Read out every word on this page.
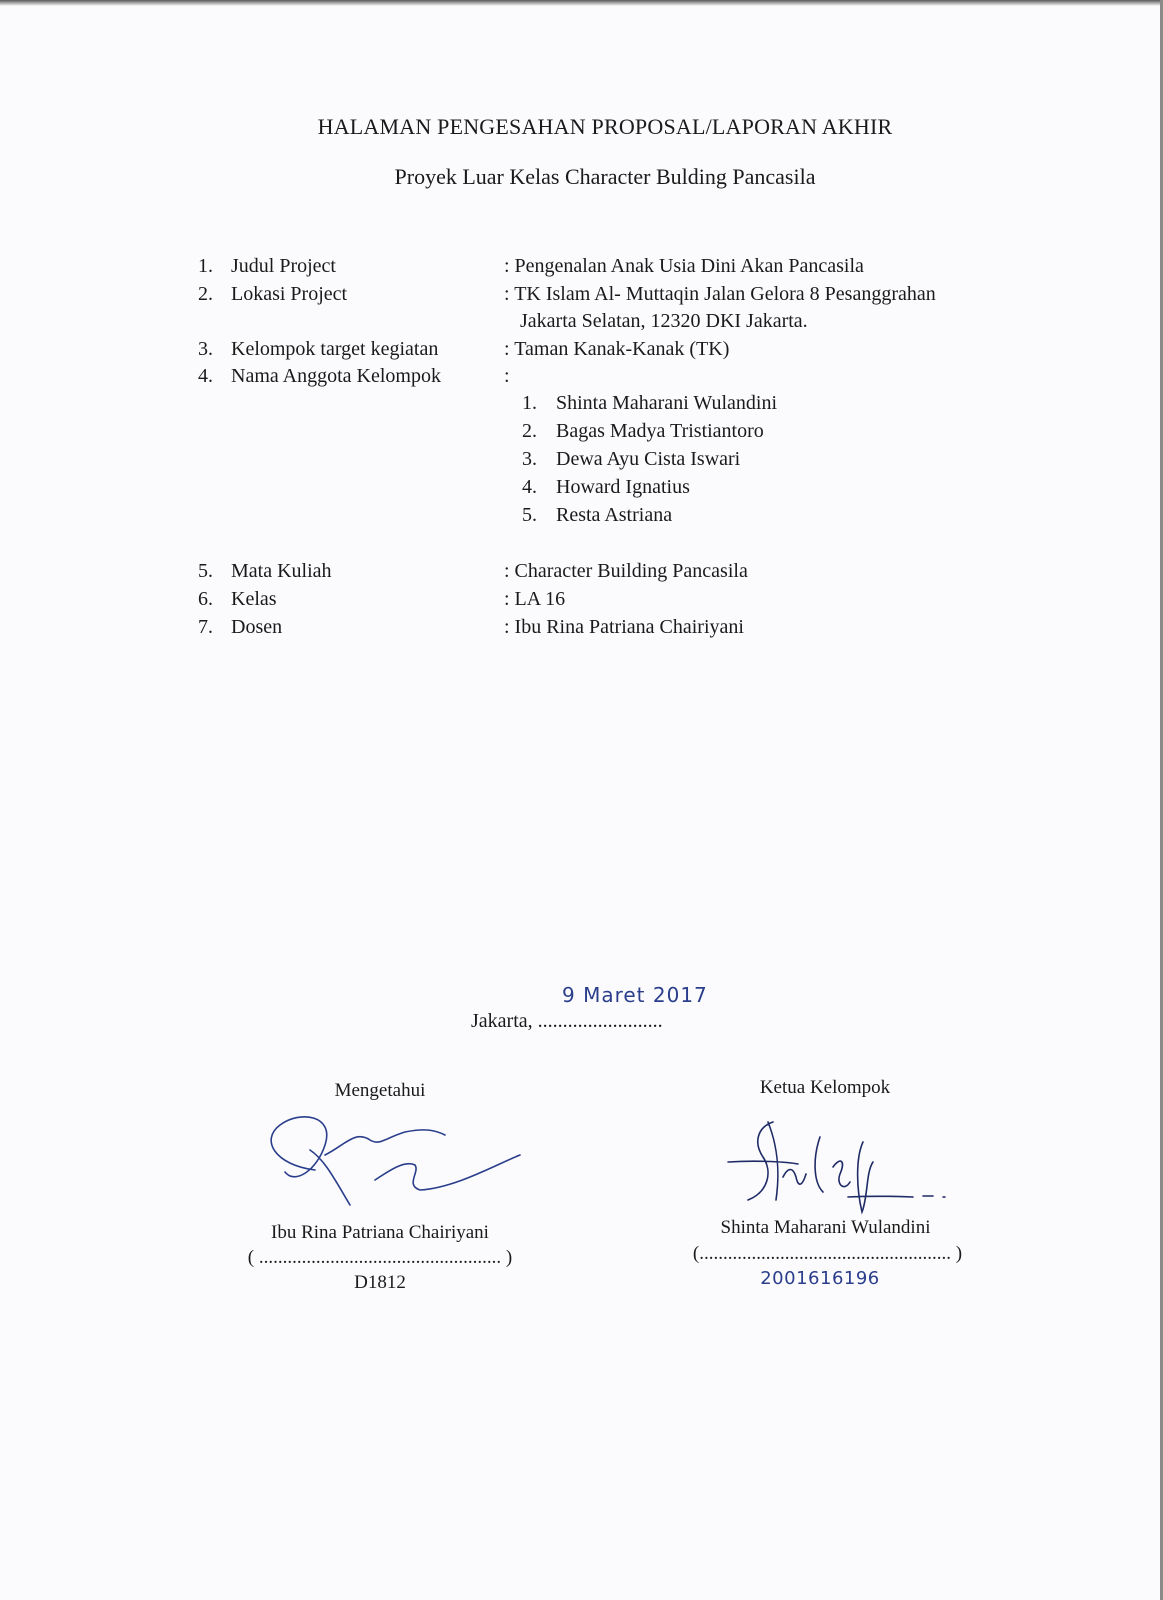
HALAMAN PENGESAHAN PROPOSAL/LAPORAN AKHIR
Proyek Luar Kelas Character Bulding Pancasila
1. Judul Project	: Pengenalan Anak Usia Dini Akan Pancasila
2. Lokasi Project	: TK Islam Al- Muttaqin Jalan Gelora 8 Pesanggrahan
Jakarta Selatan, 12320 DKI Jakarta.
3. Kelompok target kegiatan	: Taman Kanak-Kanak (TK)
4. Nama Anggota Kelompok	:
1. Shinta Maharani Wulandini
2. Bagas Madya Tristiantoro
3. Dewa Ayu Cista Iswari
4. Howard Ignatius
5. Resta Astriana
5. Mata Kuliah	: Character Building Pancasila
6. Kelas	: LA 16
7. Dosen	: Ibu Rina Patriana Chairiyani
Jakarta, .........................
9 Maret 2017
Mengetahui
Ibu Rina Patriana Chairiyani
( ................................................... )
D1812
Ketua Kelompok
Shinta Maharani Wulandini
(..................................................... )
2001616196
